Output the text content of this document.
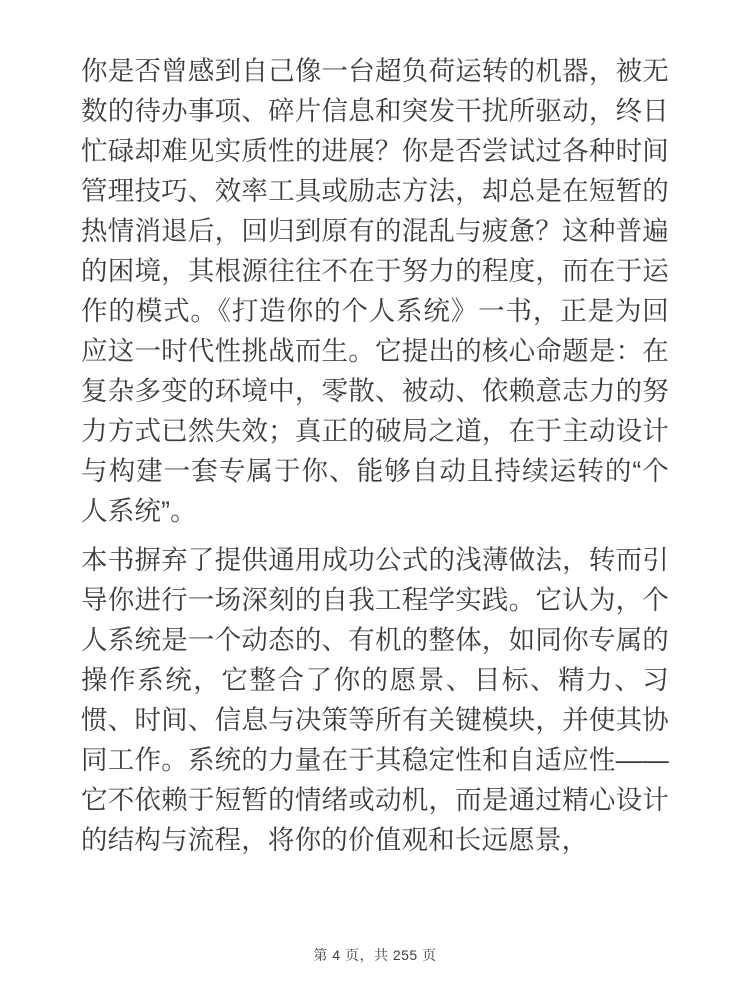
你是否曾感到自己像一台超负荷运转的机器，被无数的待办事项、碎片信息和突发干扰所驱动，终日忙碌却难见实质性的进展？你是否尝试过各种时间管理技巧、效率工具或励志方法，却总是在短暂的热情消退后，回归到原有的混乱与疲惫？这种普遍的困境，其根源往往不在于努力的程度，而在于运作的模式。《打造你的个人系统》一书，正是为回应这一时代性挑战而生。它提出的核心命题是：在复杂多变的环境中，零散、被动、依赖意志力的努力方式已然失效；真正的破局之道，在于主动设计与构建一套专属于你、能够自动且持续运转的“个人系统”。

本书摒弃了提供通用成功公式的浅薄做法，转而引导你进行一场深刻的自我工程学实践。它认为，个人系统是一个动态的、有机的整体，如同你专属的操作系统，它整合了你的愿景、目标、精力、习惯、时间、信息与决策等所有关键模块，并使其协同工作。系统的力量在于其稳定性和自适应性——它不依赖于短暂的情绪或动机，而是通过精心设计的结构与流程，将你的价值观和长远愿景，

第 4 页，共 255 页
